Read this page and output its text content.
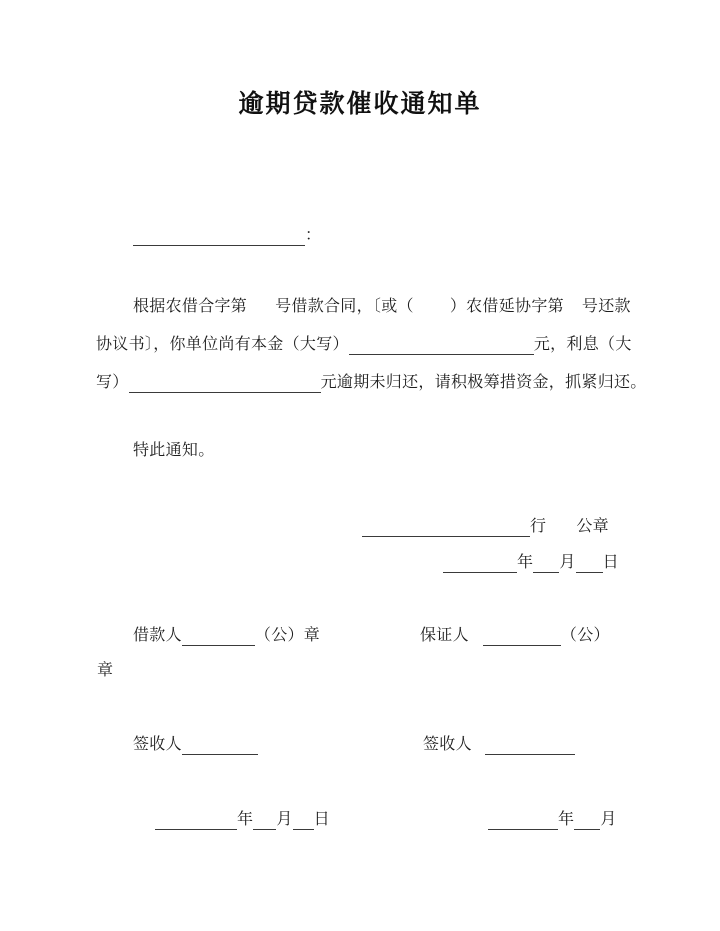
逾期贷款催收通知单
：
根据农借合字第 号借款合同，〔或（ ）农借延协字第 号还款
协议书〕，你单位尚有本金（大写）	元，利息（大
写）	元逾期未归还，请积极筹措资金，抓紧归还。
特此通知。
行 公章
年 月 日
借款人	（公）章	保证人	（公）
章
签收人	签收人
年 月 日	年 月
